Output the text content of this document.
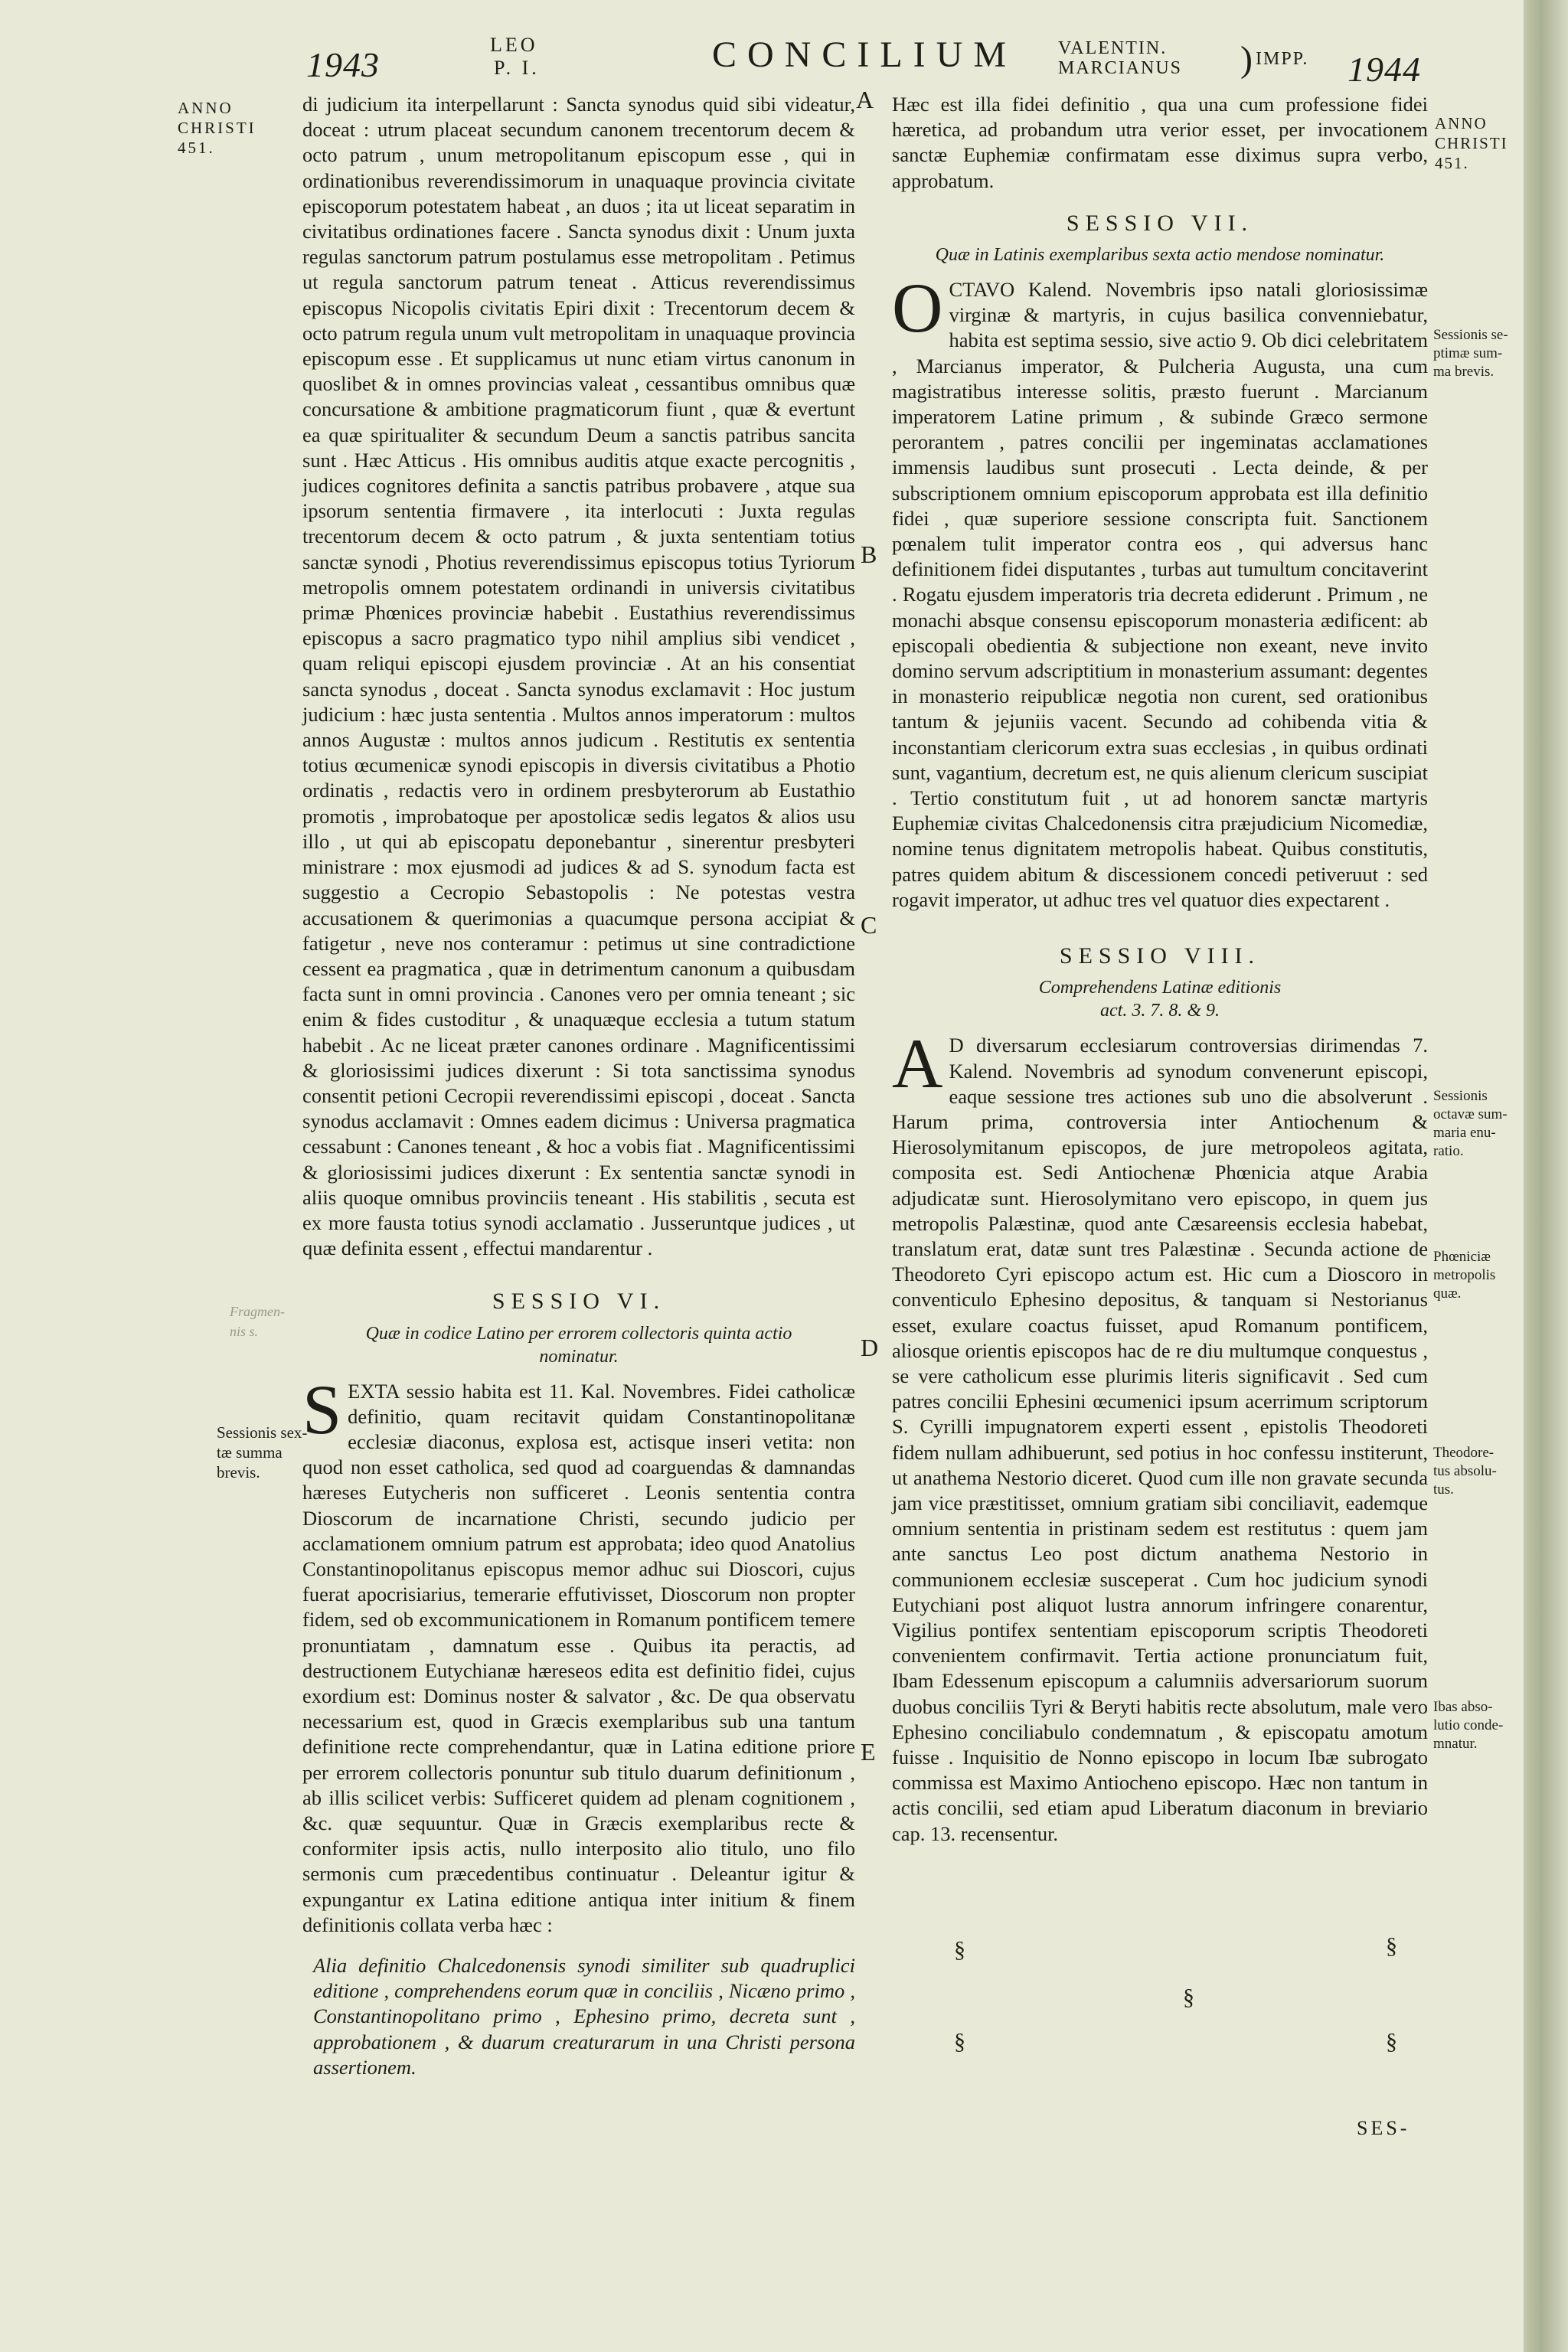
1943
LEO
P. I.	CONCILIUM VALENTIN.
MARCIANUS ) IMPP. 1944
ANNO
CHRISTI
451.
Fragmen-
nis s.
Sessionis sex-
tæ summa
brevis.
ANNO
CHRISTI
451.
Sessionis se-
ptimæ sum-
ma brevis.
Sessionis
octavæ sum-
maria enu-
ratio.
Phœniciæ
metropolis
quæ.
Theodore-
tus absolu-
tus.
Ibas abso-
lutio conde-
mnatur.
A
B
C
D
E

di judicium ita interpellarunt : Sancta synodus quid sibi videatur, doceat : utrum placeat secundum canonem trecentorum decem & octo patrum , unum metropolitanum episcopum esse , qui in ordinationibus reverendissimorum in unaquaque provincia civitate episcoporum potestatem habeat , an duos ; ita ut liceat separatim in civitatibus ordinationes facere . Sancta synodus dixit : Unum juxta regulas sanctorum patrum postulamus esse metropolitam . Petimus ut regula sanctorum patrum teneat . Atticus reverendissimus episcopus Nicopolis civitatis Epiri dixit : Trecentorum decem & octo patrum regula unum vult metropolitam in unaquaque provincia episcopum esse . Et supplicamus ut nunc etiam virtus canonum in quoslibet & in omnes provincias valeat , cessantibus omnibus quæ concursatione & ambitione pragmaticorum fiunt , quæ & evertunt ea quæ spiritualiter & secundum Deum a sanctis patribus sancita sunt . Hæc Atticus . His omnibus auditis atque exacte percognitis , judices cognitores definita a sanctis patribus probavere , atque sua ipsorum sententia firmavere , ita interlocuti : Juxta regulas trecentorum decem & octo patrum , & juxta sententiam totius sanctæ synodi , Photius reverendissimus episcopus totius Tyriorum metropolis omnem potestatem ordinandi in universis civitatibus primæ Phœnices provinciæ habebit . Eustathius reverendissimus episcopus a sacro pragmatico typo nihil amplius sibi vendicet , quam reliqui episcopi ejusdem provinciæ . At an his consentiat sancta synodus , doceat . Sancta synodus exclamavit : Hoc justum judicium : hæc justa sententia . Multos annos imperatorum : multos annos Augustæ : multos annos judicum . Restitutis ex sententia totius œcumenicæ synodi episcopis in diversis civitatibus a Photio ordinatis , redactis vero in ordinem presbyterorum ab Eustathio promotis , improbatoque per apostolicæ sedis legatos & alios usu illo , ut qui ab episcopatu deponebantur , sinerentur presbyteri ministrare : mox ejusmodi ad judices & ad S. synodum facta est suggestio a Cecropio Sebastopolis : Ne potestas vestra accusationem & querimonias a quacumque persona accipiat & fatigetur , neve nos conteramur : petimus ut sine contradictione cessent ea pragmatica , quæ in detrimentum canonum a quibusdam facta sunt in omni provincia . Canones vero per omnia teneant ; sic enim & fides custoditur , & unaquæque ecclesia a tutum statum habebit . Ac ne liceat præter canones ordinare . Magnificentissimi & gloriosissimi judices dixerunt : Si tota sanctissima synodus consentit petioni Cecropii reverendissimi episcopi , doceat . Sancta synodus acclamavit : Omnes eadem dicimus : Universa pragmatica cessabunt : Canones teneant , & hoc a vobis fiat . Magnificentissimi & gloriosissimi judices dixerunt : Ex sententia sanctæ synodi in aliis quoque omnibus provinciis teneant . His stabilitis , secuta est ex more fausta totius synodi acclamatio . Jusseruntque judices , ut quæ definita essent , effectui mandarentur .

SESSIO VI.
Quæ in codice Latino per errorem collectoris quinta actio nominatur.

SEXTA sessio habita est 11. Kal. Novembres. Fidei catholicæ definitio, quam recitavit quidam Constantinopolitanæ ecclesiæ diaconus, explosa est, actisque inseri vetita: non quod non esset catholica, sed quod ad coarguendas & damnandas hæreses Eutycheris non sufficeret . Leonis sententia contra Dioscorum de incarnatione Christi, secundo judicio per acclamationem omnium patrum est approbata; ideo quod Anatolius Constantinopolitanus episcopus memor adhuc sui Dioscori, cujus fuerat apocrisiarius, temerarie effutivisset, Dioscorum non propter fidem, sed ob excommunicationem in Romanum pontificem temere pronuntiatam , damnatum esse . Quibus ita peractis, ad destructionem Eutychianæ hæreseos edita est definitio fidei, cujus exordium est: Dominus noster & salvator , &c. De qua observatu necessarium est, quod in Græcis exemplaribus sub una tantum definitione recte comprehendantur, quæ in Latina editione priore per errorem collectoris ponuntur sub titulo duarum definitionum , ab illis scilicet verbis: Sufficeret quidem ad plenam cognitionem , &c. quæ sequuntur. Quæ in Græcis exemplaribus recte & conformiter ipsis actis, nullo interposito alio titulo, uno filo sermonis cum præcedentibus continuatur . Deleantur igitur & expungantur ex Latina editione antiqua inter initium & finem definitionis collata verba hæc :

Alia definitio Chalcedonensis synodi similiter sub quadruplici editione , comprehendens eorum quæ in conciliis , Nicæno primo , Constantinopolitano primo , Ephesino primo, decreta sunt , approbationem , & duarum creaturarum in una Christi persona assertionem.

Hæc est illa fidei definitio , qua una cum professione fidei hæretica, ad probandum utra verior esset, per invocationem sanctæ Euphemiæ confirmatam esse diximus supra verbo, approbatum.

SESSIO VII.
Quæ in Latinis exemplaribus sexta actio mendose nominatur.

OCTAVO Kalend. Novembris ipso natali gloriosissimæ virginæ & martyris, in cujus basilica convenniebatur, habita est septima sessio, sive actio 9. Ob dici celebritatem , Marcianus imperator, & Pulcheria Augusta, una cum magistratibus interesse solitis, præsto fuerunt . Marcianum imperatorem Latine primum , & subinde Græco sermone perorantem , patres concilii per ingeminatas acclamationes immensis laudibus sunt prosecuti . Lecta deinde, & per subscriptionem omnium episcoporum approbata est illa definitio fidei , quæ superiore sessione conscripta fuit. Sanctionem pœnalem tulit imperator contra eos , qui adversus hanc definitionem fidei disputantes , turbas aut tumultum concitaverint . Rogatu ejusdem imperatoris tria decreta ediderunt . Primum , ne monachi absque consensu episcoporum monasteria ædificent: ab episcopali obedientia & subjectione non exeant, neve invito domino servum adscriptitium in monasterium assumant: degentes in monasterio reipublicæ negotia non curent, sed orationibus tantum & jejuniis vacent. Secundo ad cohibenda vitia & inconstantiam clericorum extra suas ecclesias , in quibus ordinati sunt, vagantium, decretum est, ne quis alienum clericum suscipiat . Tertio constitutum fuit , ut ad honorem sanctæ martyris Euphemiæ civitas Chalcedonensis citra præjudicium Nicomediæ, nomine tenus dignitatem metropolis habeat. Quibus constitutis, patres quidem abitum & discessionem concedi petiveruut : sed rogavit imperator, ut adhuc tres vel quatuor dies expectarent .

SESSIO VIII.
Comprehendens Latinæ editionis
act. 3. 7. 8. & 9.

A D diversarum ecclesiarum controversias dirimendas 7. Kalend. Novembris ad synodum convenerunt episcopi, eaque sessione tres actiones sub uno die absolverunt . Harum prima, controversia inter Antiochenum & Hierosolymitanum episcopos, de jure metropoleos agitata, composita est. Sedi Antiochenæ Phœnicia atque Arabia adjudicatæ sunt. Hierosolymitano vero episcopo, in quem jus metropolis Palæstinæ, quod ante Cæsareensis ecclesia habebat, translatum erat, datæ sunt tres Palæstinæ . Secunda actione de Theodoreto Cyri episcopo actum est. Hic cum a Dioscoro in conventiculo Ephesino depositus, & tanquam si Nestorianus esset, exulare coactus fuisset, apud Romanum pontificem, aliosque orientis episcopos hac de re diu multumque conquestus , se vere catholicum esse plurimis literis significavit . Sed cum patres concilii Ephesini œcumenici ipsum acerrimum scriptorum S. Cyrilli impugnatorem experti essent , epistolis Theodoreti fidem nullam adhibuerunt, sed potius in hoc confessu institerunt, ut anathema Nestorio diceret. Quod cum ille non gravate secunda jam vice præstitisset, omnium gratiam sibi conciliavit, eademque omnium sententia in pristinam sedem est restitutus : quem jam ante sanctus Leo post dictum anathema Nestorio in communionem ecclesiæ susceperat . Cum hoc judicium synodi Eutychiani post aliquot lustra annorum infringere conarentur, Vigilius pontifex sententiam episcoporum scriptis Theodoreti convenientem confirmavit. Tertia actione pronunciatum fuit, Ibam Edessenum episcopum a calumniis adversariorum suorum duobus conciliis Tyri & Beryti habitis recte absolutum, male vero Ephesino conciliabulo condemnatum , & episcopatu amotum fuisse . Inquisitio de Nonno episcopo in locum Ibæ subrogato commissa est Maximo Antiocheno episcopo. Hæc non tantum in actis concilii, sed etiam apud Liberatum diaconum in breviario cap. 13. recensentur.

§	§
§
§	§
SES-
